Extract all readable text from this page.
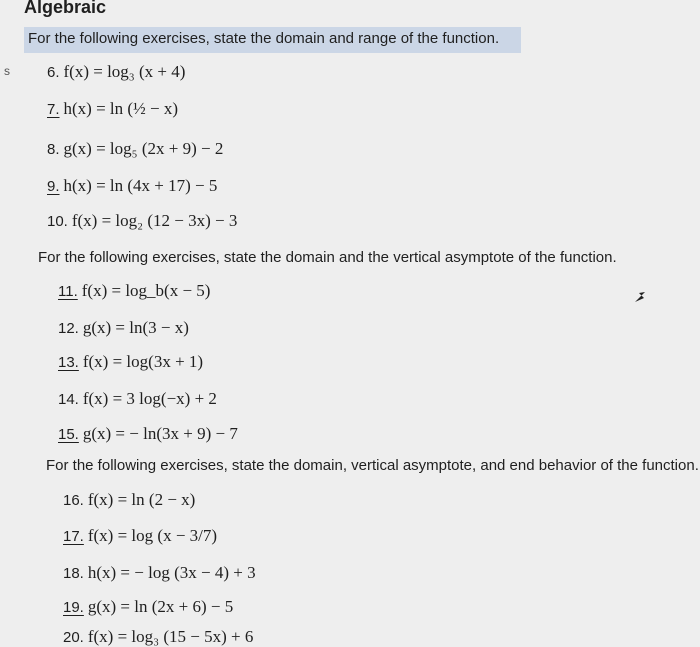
Algebraic
s
For the following exercises, state the domain and range of the function.
6. f(x) = log₃ (x + 4)
7. h(x) = ln (½ − x)
8. g(x) = log₅ (2x + 9) − 2
9. h(x) = ln (4x + 17) − 5
10. f(x) = log₂ (12 − 3x) − 3
For the following exercises, state the domain and the vertical asymptote of the function.
11. f(x) = log_b(x − 5)
12. g(x) = ln(3 − x)
13. f(x) = log(3x + 1)
14. f(x) = 3 log(−x) + 2
15. g(x) = − ln(3x + 9) − 7
For the following exercises, state the domain, vertical asymptote, and end behavior of the function.
16. f(x) = ln (2 − x)
17. f(x) = log (x − 3/7)
18. h(x) = − log (3x − 4) + 3
19. g(x) = ln (2x + 6) − 5
20. f(x) = log₃ (15 − 5x) + 6
